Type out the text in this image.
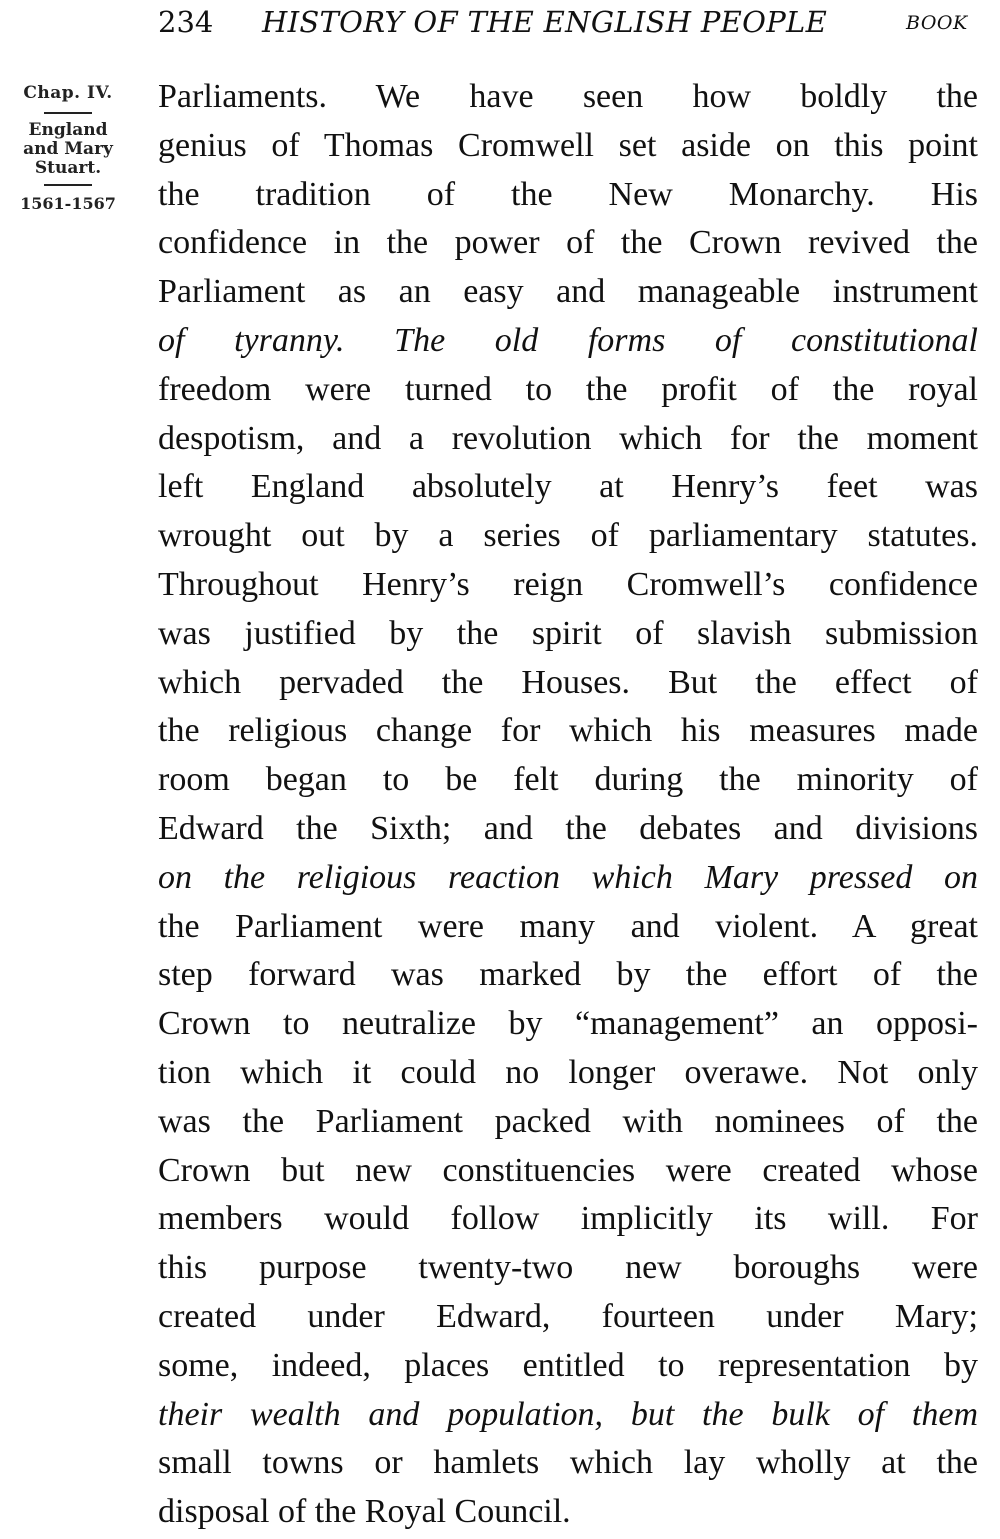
234 HISTORY OF THE ENGLISH PEOPLE	BOOK
Chap. IV.
England
and Mary
Stuart.
1561-1567
Parliaments. We have seen how boldly the
genius of Thomas Cromwell set aside on this point
the tradition of the New Monarchy. His
confidence in the power of the Crown revived the
Parliament as an easy and manageable instrument
of tyranny. The old forms of constitutional
freedom were turned to the profit of the royal
despotism, and a revolution which for the moment
left England absolutely at Henry’s feet was
wrought out by a series of parliamentary statutes.
Throughout Henry’s reign Cromwell’s confidence
was justified by the spirit of slavish submission
which pervaded the Houses. But the effect of
the religious change for which his measures made
room began to be felt during the minority of
Edward the Sixth; and the debates and divisions
on the religious reaction which Mary pressed on
the Parliament were many and violent. A great
step forward was marked by the effort of the
Crown to neutralize by “management” an opposi-
tion which it could no longer overawe. Not only
was the Parliament packed with nominees of the
Crown but new constituencies were created whose
members would follow implicitly its will. For
this purpose twenty-two new boroughs were
created under Edward, fourteen under Mary;
some, indeed, places entitled to representation by
their wealth and population, but the bulk of them
small towns or hamlets which lay wholly at the
disposal of the Royal Council.
